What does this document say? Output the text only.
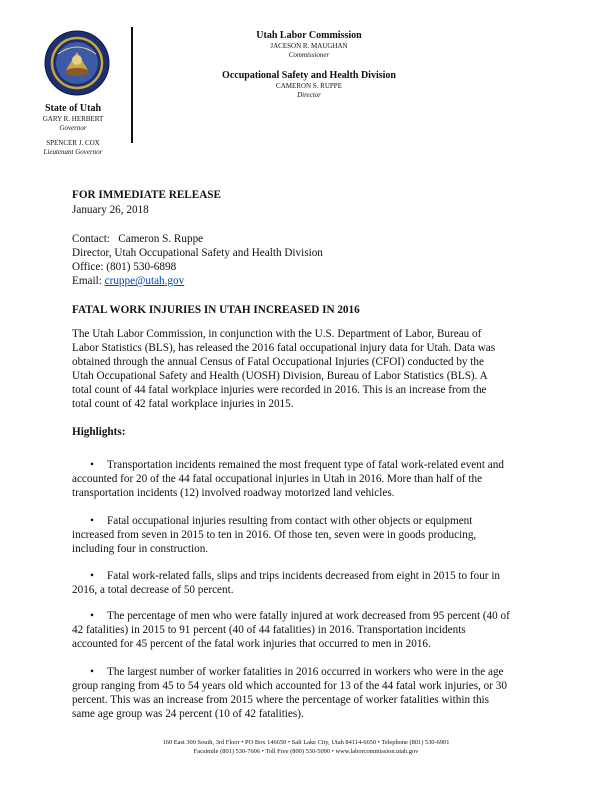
State of Utah
GARY R. HERBERT
Governor
SPENCER J. COX
Lieutenant Governor
Utah Labor Commission
JACESON R. MAUGHAN
Commissioner
Occupational Safety and Health Division
CAMERON S. RUPPE
Director
FOR IMMEDIATE RELEASE
January 26, 2018
Contact:   Cameron S. Ruppe
Director, Utah Occupational Safety and Health Division
Office: (801) 530-6898
Email: cruppe@utah.gov
FATAL WORK INJURIES IN UTAH INCREASED IN 2016
The Utah Labor Commission, in conjunction with the U.S. Department of Labor, Bureau of
Labor Statistics (BLS), has released the 2016 fatal occupational injury data for Utah. Data was
obtained through the annual Census of Fatal Occupational Injuries (CFOI) conducted by the
Utah Occupational Safety and Health (UOSH) Division, Bureau of Labor Statistics (BLS). A
total count of 44 fatal workplace injuries were recorded in 2016. This is an increase from the
total count of 42 fatal workplace injuries in 2015.
Highlights:
• Transportation incidents remained the most frequent type of fatal work-related event and
accounted for 20 of the 44 fatal occupational injuries in Utah in 2016. More than half of the
transportation incidents (12) involved roadway motorized land vehicles.
• Fatal occupational injuries resulting from contact with other objects or equipment
increased from seven in 2015 to ten in 2016. Of those ten, seven were in goods producing,
including four in construction.
• Fatal work-related falls, slips and trips incidents decreased from eight in 2015 to four in
2016, a total decrease of 50 percent.
• The percentage of men who were fatally injured at work decreased from 95 percent (40 of
42 fatalities) in 2015 to 91 percent (40 of 44 fatalities) in 2016. Transportation incidents
accounted for 45 percent of the fatal work injuries that occurred to men in 2016.
• The largest number of worker fatalities in 2016 occurred in workers who were in the age
group ranging from 45 to 54 years old which accounted for 13 of the 44 fatal work injuries, or 30
percent. This was an increase from 2015 where the percentage of worker fatalities within this
same age group was 24 percent (10 of 42 fatalities).
160 East 300 South, 3rd Floor • PO Box 146650 • Salt Lake City, Utah 84114-6650 • Telephone (801) 530-6901
Facsimile (801) 530-7606 • Toll Free (800) 530-5090 • www.laborcommission.utah.gov
